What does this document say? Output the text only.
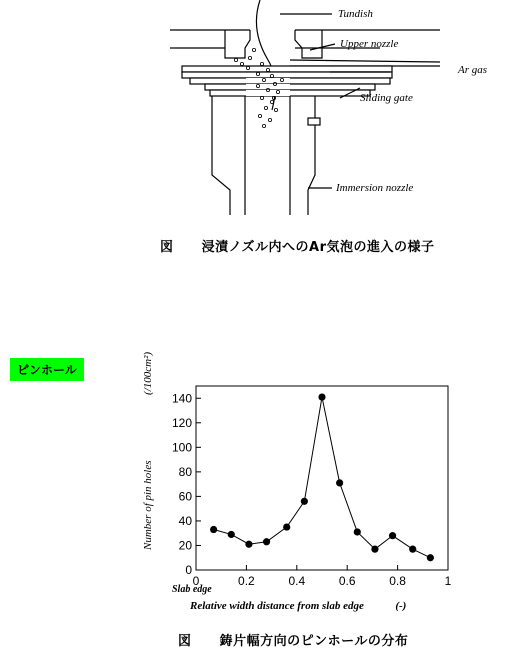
Tundish
Upper nozzle
Ar gas
Sliding gate
Immersion nozzle
図 浸漬ノズル内へのAr気泡の進入の様子
ピンホール
0
20
40
60
80
100
120
140
0	0.2	0.4	0.6	0.8	1
Number of pin holes  (/100cm²)
Slab edge
Relative width distance from slab edge	(-)
図 鋳片幅方向のピンホールの分布
